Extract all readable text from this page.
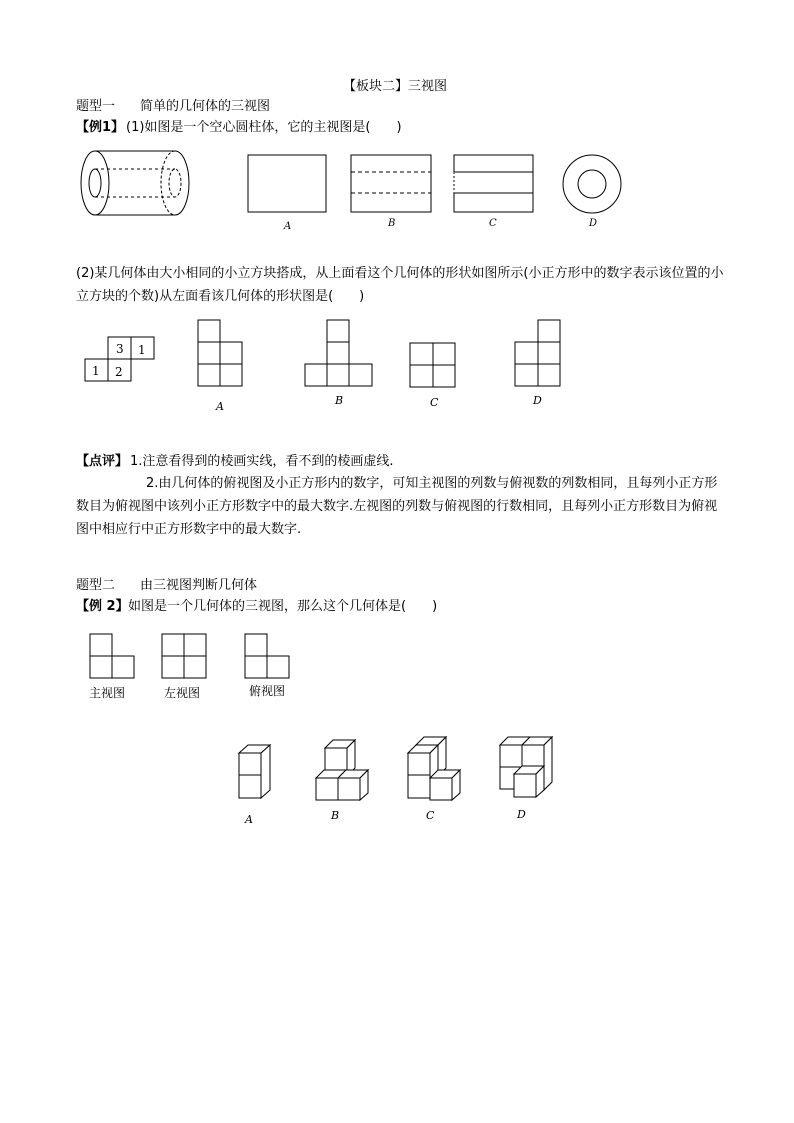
【板块二】三视图
题型一 简单的几何体的三视图
【例1】 (1)如图是一个空心圆柱体，它的主视图是(　　)
A	B	C	D
(2)某几何体由大小相同的小立方块搭成，从上面看这个几何体的形状如图所示(小正方形中的数字表示该位置的小立方块的个数)从左面看该几何体的形状图是(　　)
3 1
1 2
A	B	C	D
【点评】 1.注意看得到的棱画实线，看不到的棱画虚线.
2.由几何体的俯视图及小正方形内的数字，可知主视图的列数与俯视数的列数相同，且每列小正方形数目为俯视图中该列小正方形数字中的最大数字.左视图的列数与俯视图的行数相同，且每列小正方形数目为俯视图中相应行中正方形数字中的最大数字.
题型二 由三视图判断几何体
【例 2】 如图是一个几何体的三视图，那么这个几何体是(　　)
主视图	左视图	俯视图
A	B	C	D
